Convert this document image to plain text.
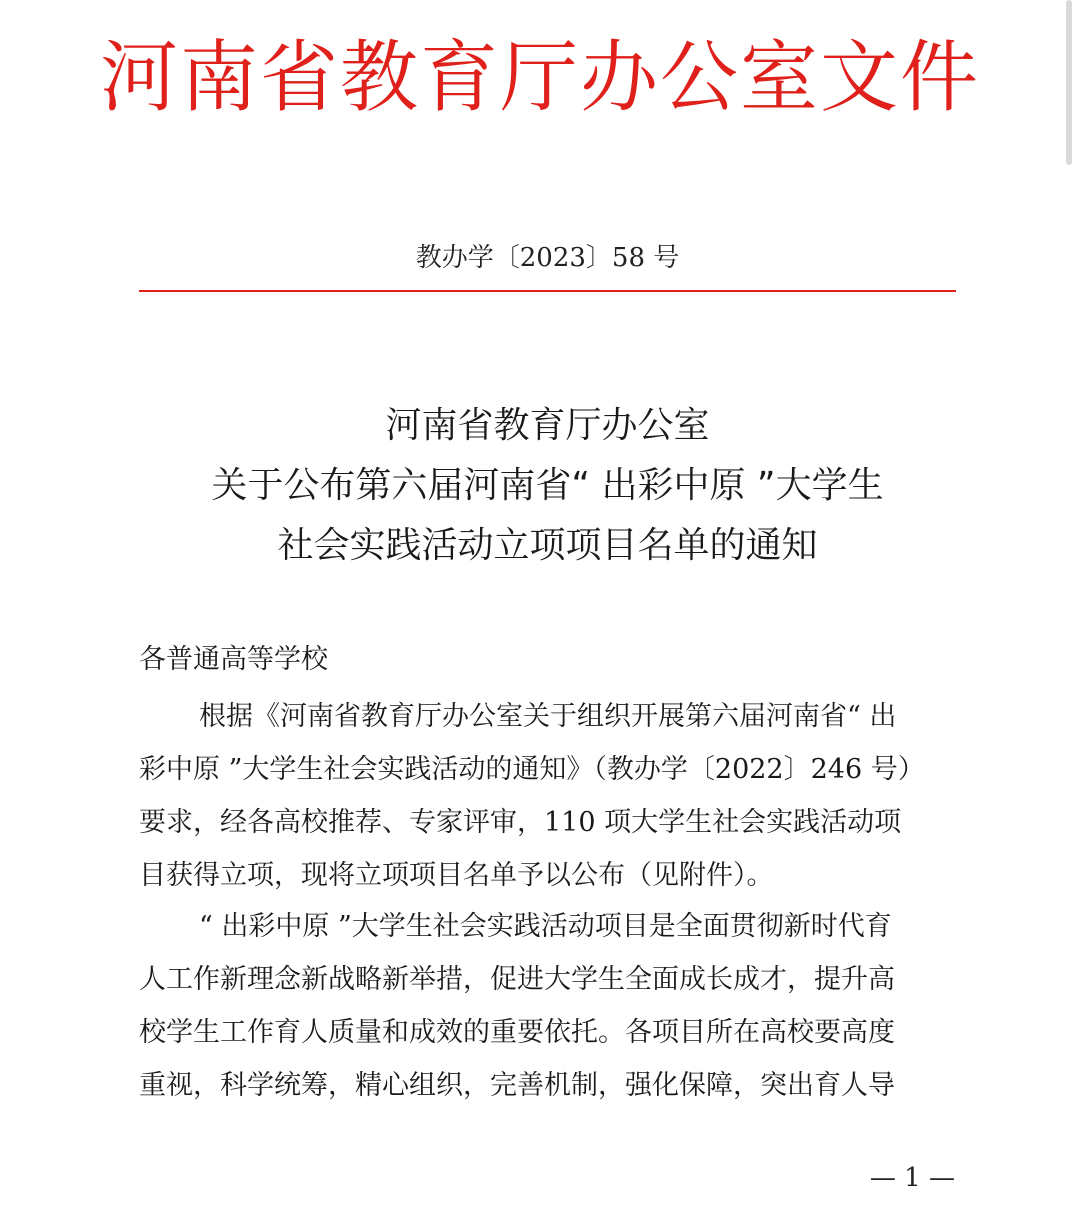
河南省教育厅办公室文件
教办学〔2023〕58 号
河南省教育厅办公室
关于公布第六届河南省“ 出彩中原 ”大学生
社会实践活动立项项目名单的通知
各普通高等学校
根据《河南省教育厅办公室关于组织开展第六届河南省“ 出
彩中原 ”大学生社会实践活动的通知》（教办学〔2022〕246 号）
要求，经各高校推荐、专家评审，110 项大学生社会实践活动项
目获得立项，现将立项项目名单予以公布（见附件）。
“ 出彩中原 ”大学生社会实践活动项目是全面贯彻新时代育
人工作新理念新战略新举措，促进大学生全面成长成才，提升高
校学生工作育人质量和成效的重要依托。各项目所在高校要高度
重视，科学统筹，精心组织，完善机制，强化保障，突出育人导
— 1 —
